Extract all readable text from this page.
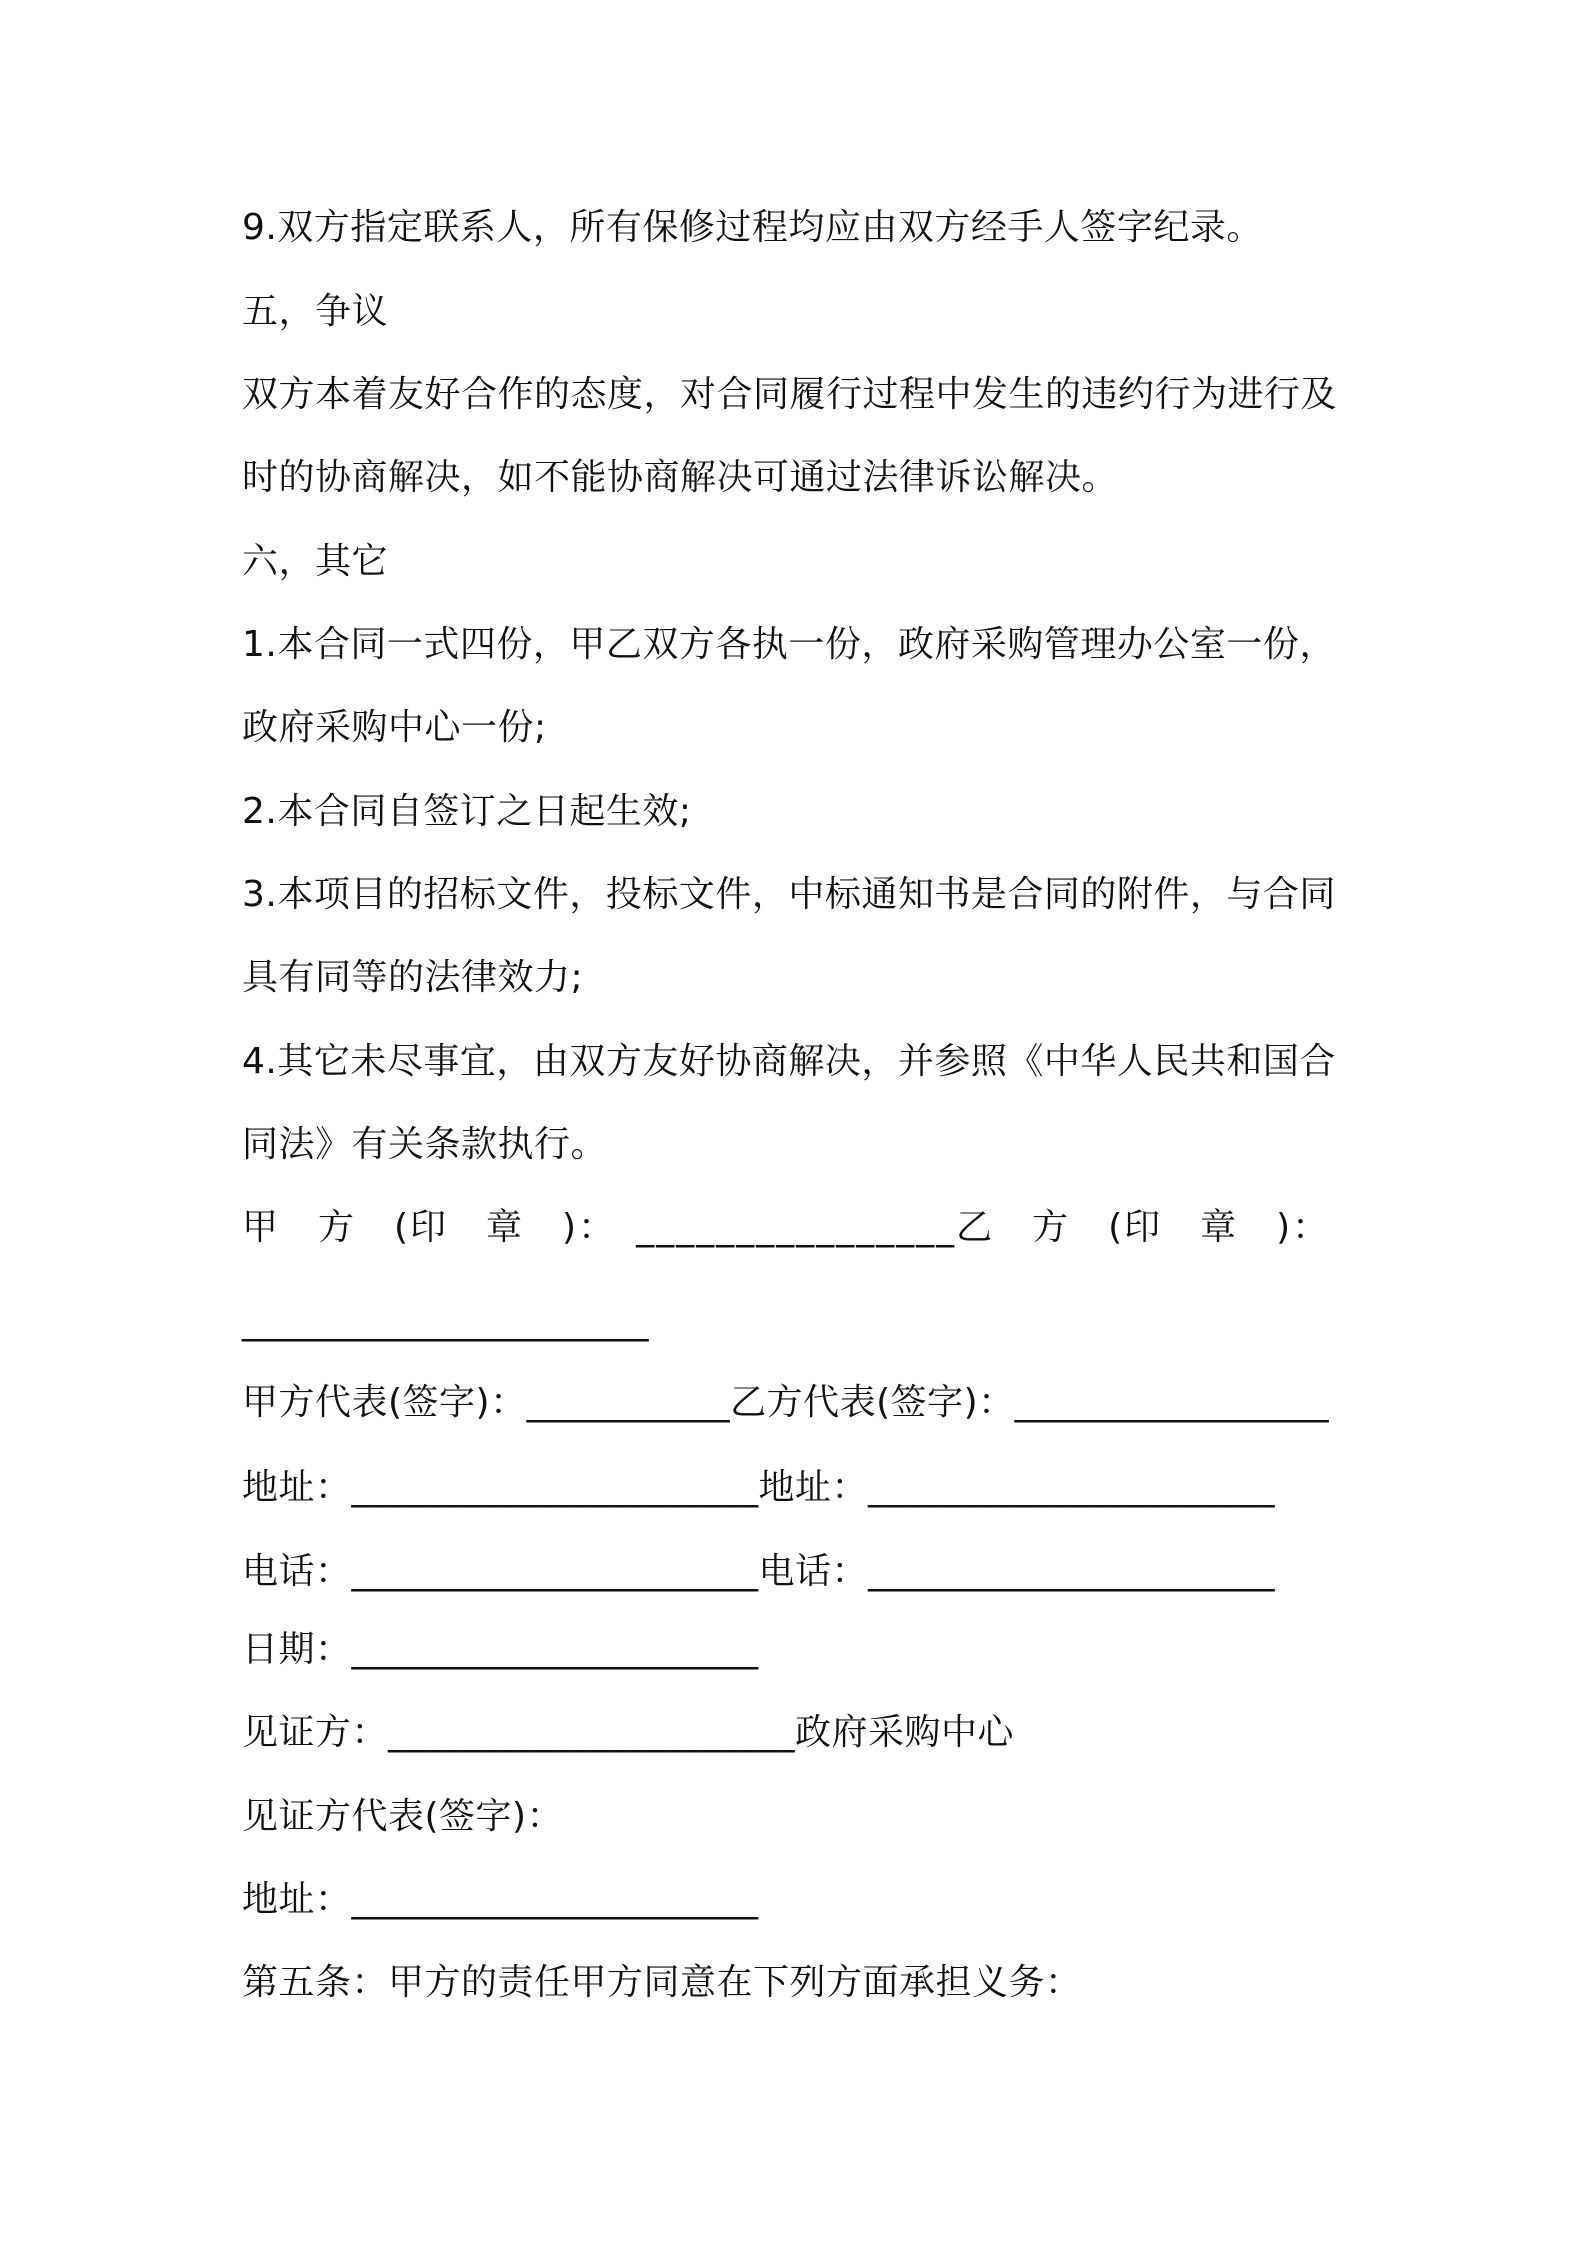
9.双方指定联系人，所有保修过程均应由双方经手人签字纪录。
五，争议
双方本着友好合作的态度，对合同履行过程中发生的违约行为进行及
时的协商解决，如不能协商解决可通过法律诉讼解决。
六，其它
1.本合同一式四份，甲乙双方各执一份，政府采购管理办公室一份，
政府采购中心一份;
2.本合同自签订之日起生效;
3.本项目的招标文件，投标文件，中标通知书是合同的附件，与合同
具有同等的法律效力;
4.其它未尽事宜，由双方友好协商解决，并参照《中华人民共和国合
同法》有关条款执行。
甲　方　(印　章　)：　________________乙　方　(印　章　)：
______________________
甲方代表(签字)：___________乙方代表(签字)：_________________
地址：______________________地址：______________________
电话：______________________电话：______________________
日期：______________________
见证方：______________________政府采购中心
见证方代表(签字)：
地址：______________________
第五条：甲方的责任甲方同意在下列方面承担义务：
